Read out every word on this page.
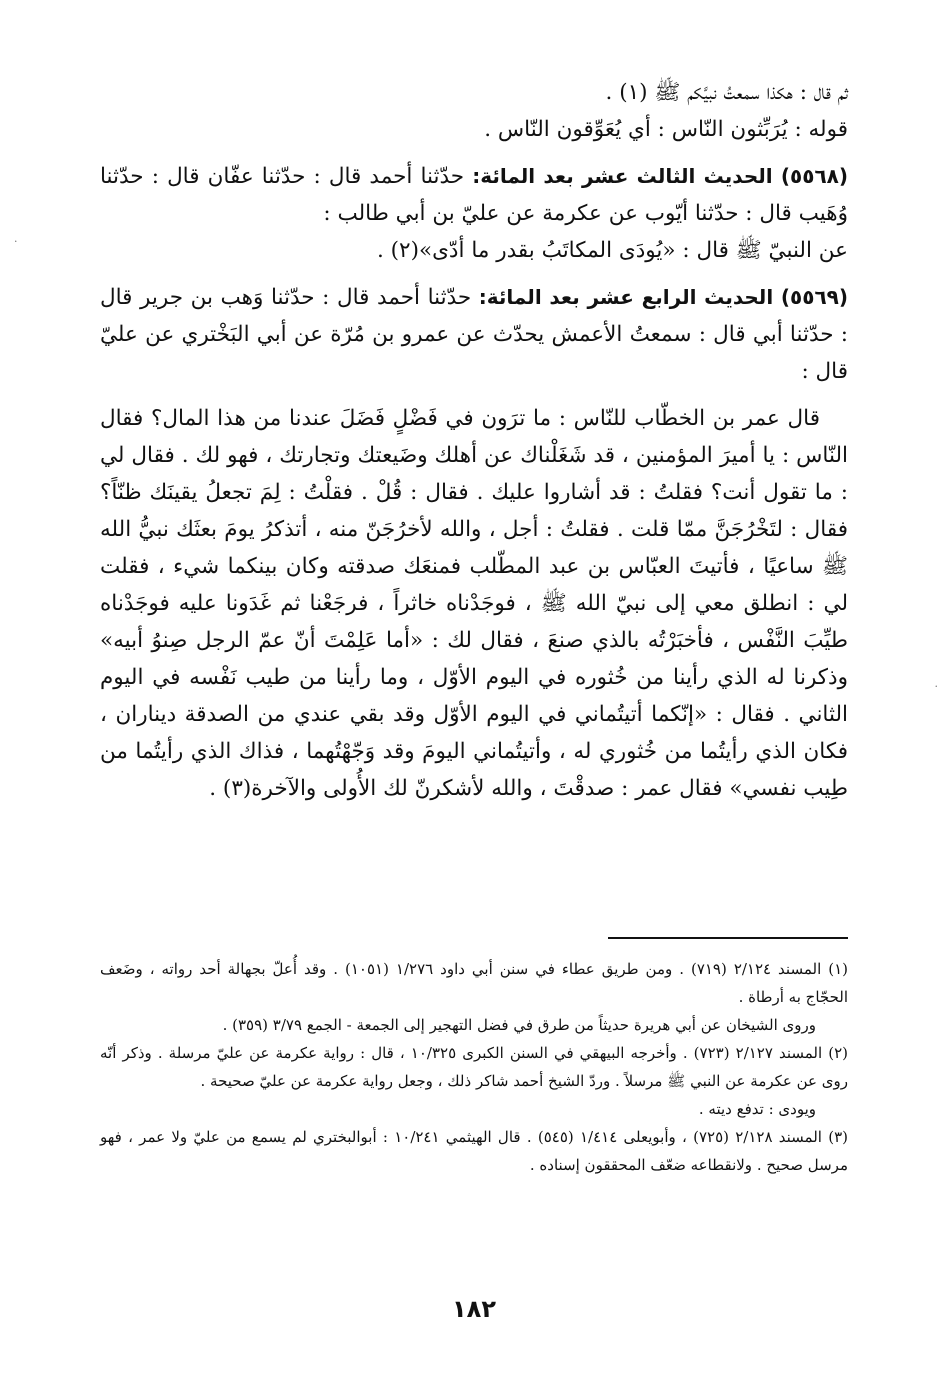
ثم قال : هكذا سمعتُ نبيَّكم ﷺ (١) .

قوله : يُرَبِّثون النّاس : أي يُعَوِّقون النّاس .

(٥٥٦٨) الحديث الثالث عشر بعد المائة: حدّثنا أحمد قال : حدّثنا عفّان قال : حدّثنا وُهَيب قال : حدّثنا أيّوب عن عكرمة عن عليّ بن أبي طالب :

عن النبيّ ﷺ قال : «يُودَى المكاتَبُ بقدر ما أدّى»(٢) .

(٥٥٦٩) الحديث الرابع عشر بعد المائة: حدّثنا أحمد قال : حدّثنا وَهب بن جرير قال : حدّثنا أبي قال : سمعتُ الأعمش يحدّث عن عمرو بن مُرّة عن أبي البَخْتري عن عليّ قال :

قال عمر بن الخطّاب للنّاس : ما ترَون في فَضْلٍ فَضَلَ عندنا من هذا المال؟ فقال النّاس : يا أميرَ المؤمنين ، قد شَغَلْناك عن أهلك وضَيعتك وتجارتك ، فهو لك . فقال لي : ما تقول أنت؟ فقلتُ : قد أشاروا عليك . فقال : قُلْ . فقلْتُ : لِمَ تجعلُ يقينَك ظنّاً؟ فقال : لتَخْرُجَنَّ ممّا قلت . فقلتُ : أجل ، والله لأخرُجَنّ منه ، أتذكرُ يومَ بعثَك نبيُّ الله ﷺ ساعيًا ، فأتيتَ العبّاس بن عبد المطّلب فمنعَك صدقته وكان بينكما شيء ، فقلت لي : انطلق معي إلى نبيّ الله ﷺ ، فوجَدْناه خاثراً ، فرجَعْنا ثم غَدَونا عليه فوجَدْناه طيِّبَ النَّفْس ، فأخبَرْتُه بالذي صنعَ ، فقال لك : «أما عَلِمْتَ أنّ عمّ الرجل صِنوُ أبيه» وذكرنا له الذي رأينا من خُثوره في اليوم الأوّل ، وما رأينا من طيب نَفْسه في اليوم الثاني . فقال : «إنّكما أتيتُماني في اليوم الأوّل وقد بقي عندي من الصدقة ديناران ، فكان الذي رأيتُما من خُثوري له ، وأتيتُماني اليومَ وقد وَجّهْتُهما ، فذاك الذي رأيتُما من طِيب نفسي» فقال عمر : صدقْتَ ، والله لأشكرنّ لك الأُولى والآخرة(٣) .

(١) المسند ٢/١٢٤ (٧١٩) . ومن طريق عطاء في سنن أبي داود ١/٢٧٦ (١٠٥١) . وقد أُعلّ بجهالة أحد رواته ، وضَعف الحجّاج به أرطاة .

وروى الشيخان عن أبي هريرة حديثاً من طرق في فضل التهجير إلى الجمعة - الجمع ٣/٧٩ (٣٥٩) .

(٢) المسند ٢/١٢٧ (٧٢٣) . وأخرجه البيهقي في السنن الكبرى ١٠/٣٢٥ ، قال : رواية عكرمة عن عليّ مرسلة . وذكر أنّه روى عن عكرمة عن النبي ﷺ مرسلاً . وردّ الشيخ أحمد شاكر ذلك ، وجعل رواية عكرمة عن عليّ صحيحة .

ويودى : تدفع ديته .

(٣) المسند ٢/١٢٨ (٧٢٥) ، وأبويعلى ١/٤١٤ (٥٤٥) . قال الهيثمي ١٠/٢٤١ : أبوالبختري لم يسمع من عليّ ولا عمر ، فهو مرسل صحيح . ولانقطاعه ضعّف المحققون إسناده .

١٨٢
·
·
